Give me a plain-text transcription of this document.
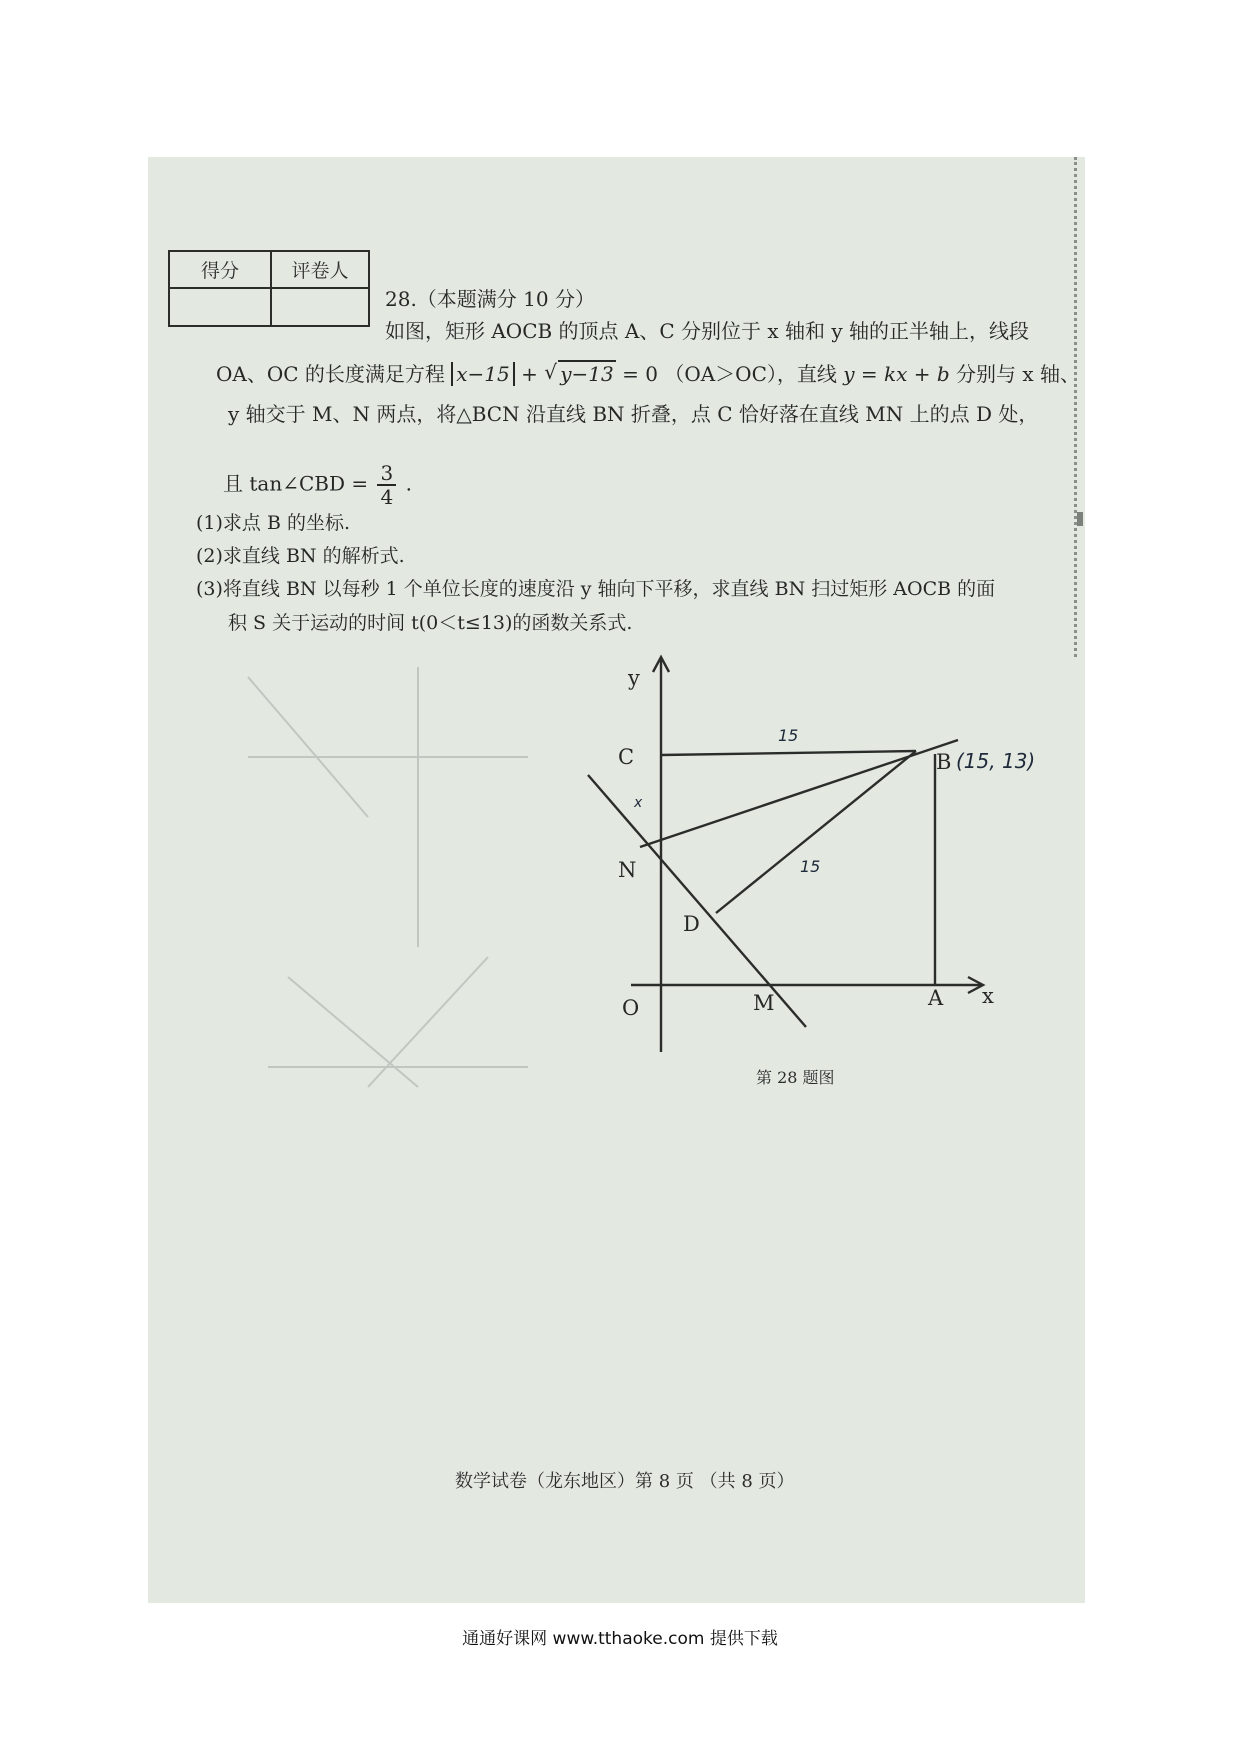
得分	评卷人

28.（本题满分 10 分）
如图，矩形 AOCB 的顶点 A、C 分别位于 x 轴和 y 轴的正半轴上，线段
OA、OC 的长度满足方程 x−15 + √ y−13 = 0 （OA＞OC），直线 y = kx + b 分别与 x 轴、
y 轴交于 M、N 两点，将△BCN 沿直线 BN 折叠，点 C 恰好落在直线 MN 上的点 D 处，
且 tan∠CBD = $\frac{3}{4}$ .
(1)求点 B 的坐标.
(2)求直线 BN 的解析式.
(3)将直线 BN 以每秒 1 个单位长度的速度沿 y 轴向下平移，求直线 BN 扫过矩形 AOCB 的面
积 S 关于运动的时间 t(0＜t≤13)的函数关系式.
y
x
O
C	B
N
D
M	A
15
(15, 13)
15
x
第 28 题图
数学试卷（龙东地区）第 8 页 （共 8 页）
通通好课网 www.tthaoke.com 提供下载
